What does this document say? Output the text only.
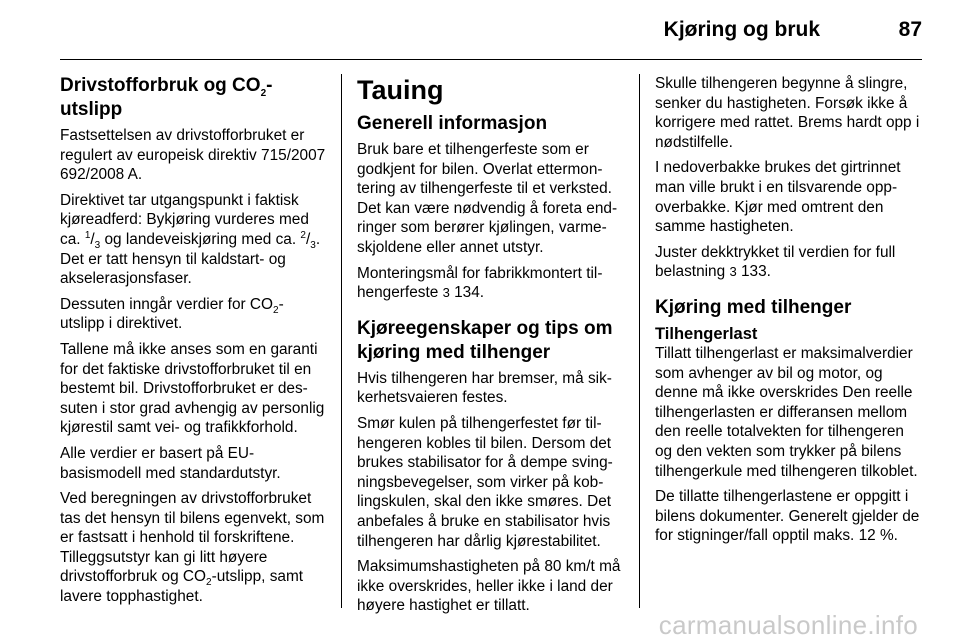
Kjøring og bruk	87
Drivstofforbruk og $CO_2$-utslipp

Fastsettelsen av drivstofforbruket er regulert av europeisk direktiv 715/2007 692/2008 A.

Direktivet tar utgangspunkt i faktisk kjøreadferd: Bykjøring vurderes med ca. $^1/_3$ og landeveiskjøring med ca. $^2/_3$. Det er tatt hensyn til kaldstart- og akselerasjonsfaser.

Dessuten inngår verdier for $CO_2$-utslipp i direktivet.

Tallene må ikke anses som en garanti for det faktiske drivstofforbruket til en bestemt bil. Drivstofforbruket er dessuten i stor grad avhengig av personlig kjørestil samt vei- og trafikkforhold.

Alle verdier er basert på EU-basismodell med standardutstyr.

Ved beregningen av drivstofforbruket tas det hensyn til bilens egenvekt, som er fastsatt i henhold til forskriftene. Tilleggsutstyr kan gi litt høyere drivstofforbruk og $CO_2$-utslipp, samt lavere topphastighet.

Tauing
Generell informasjon

Bruk bare et tilhengerfeste som er godkjent for bilen. Overlat ettermontering av tilhengerfeste til et verksted. Det kan være nødvendig å foreta endringer som berører kjølingen, varmeskjoldene eller annet utstyr.

Monteringsmål for fabrikkmontert tilhengerfeste 3 134.

Kjøreegenskaper og tips om kjøring med tilhenger

Hvis tilhengeren har bremser, må sikkerhetsvaieren festes.

Smør kulen på tilhengerfestet før tilhengeren kobles til bilen. Dersom det brukes stabilisator for å dempe svingningsbevegelser, som virker på koblingskulen, skal den ikke smøres. Det anbefales å bruke en stabilisator hvis tilhengeren har dårlig kjørestabilitet.

Maksimumshastigheten på 80 km/t må ikke overskrides, heller ikke i land der høyere hastighet er tillatt.

Skulle tilhengeren begynne å slingre, senker du hastigheten. Forsøk ikke å korrigere med rattet. Brems hardt opp i nødstilfelle.

I nedoverbakke brukes det girtrinnet man ville brukt i en tilsvarende oppoverbakke. Kjør med omtrent den samme hastigheten.

Juster dekktrykket til verdien for full belastning 3 133.

Kjøring med tilhenger
Tilhengerlast

Tillatt tilhengerlast er maksimalverdier som avhenger av bil og motor, og denne må ikke overskrides Den reelle tilhengerlasten er differansen mellom den reelle totalvekten for tilhengeren og den vekten som trykker på bilens tilhengerkule med tilhengeren tilkoblet.

De tillatte tilhengerlastene er oppgitt i bilens dokumenter. Generelt gjelder de for stigninger/fall opptil maks. 12 %.

carmanualsonline.info
